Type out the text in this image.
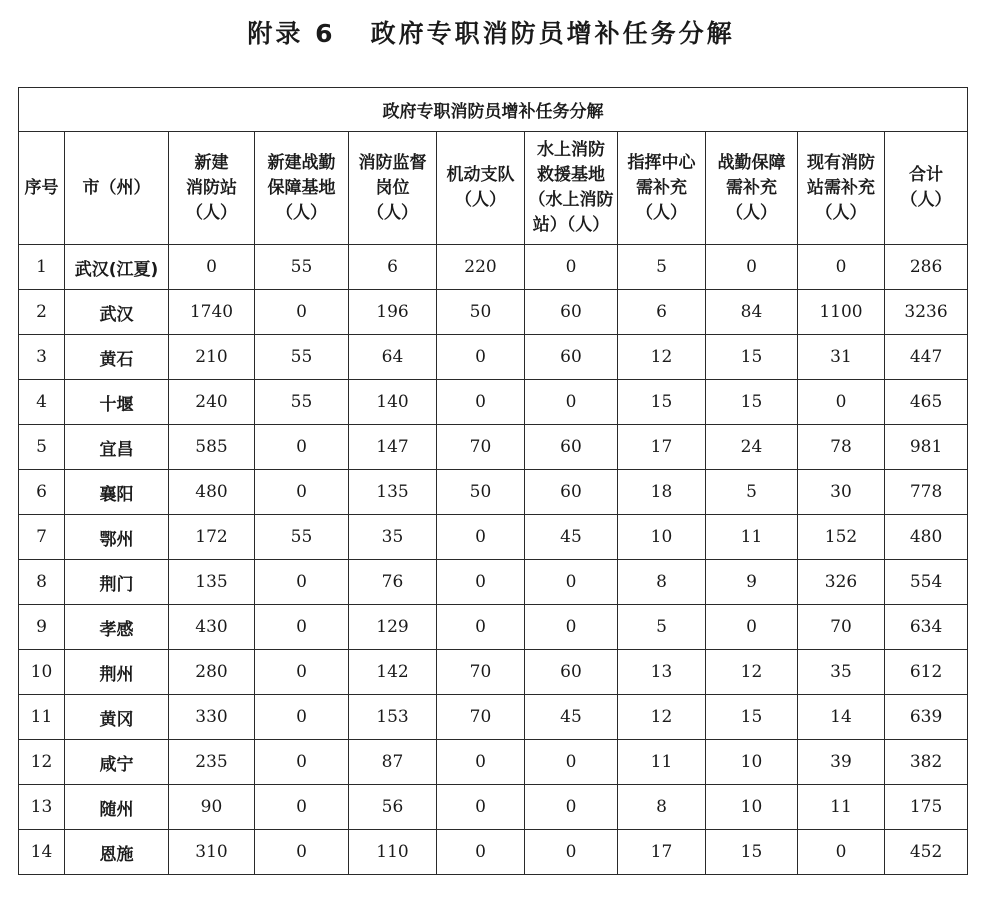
附录 6   政府专职消防员增补任务分解
政府专职消防员增补任务分解										
序号	市（州）	新建
消防站
（人）	新建战勤
保障基地
（人）	消防监督
岗位
（人）	机动支队
（人）	水上消防
救援基地
（水上消防
站）（人）	指挥中心
需补充
（人）	战勤保障
需补充
（人）	现有消防
站需补充
（人）	合计
（人）
1	武汉(江夏)	0	55	6	220	0	5	0	0	286
2	武汉	1740	0	196	50	60	6	84	1100	3236
3	黄石	210	55	64	0	60	12	15	31	447
4	十堰	240	55	140	0	0	15	15	0	465
5	宜昌	585	0	147	70	60	17	24	78	981
6	襄阳	480	0	135	50	60	18	5	30	778
7	鄂州	172	55	35	0	45	10	11	152	480
8	荆门	135	0	76	0	0	8	9	326	554
9	孝感	430	0	129	0	0	5	0	70	634
10	荆州	280	0	142	70	60	13	12	35	612
11	黄冈	330	0	153	70	45	12	15	14	639
12	咸宁	235	0	87	0	0	11	10	39	382
13	随州	90	0	56	0	0	8	10	11	175
14	恩施	310	0	110	0	0	17	15	0	452
